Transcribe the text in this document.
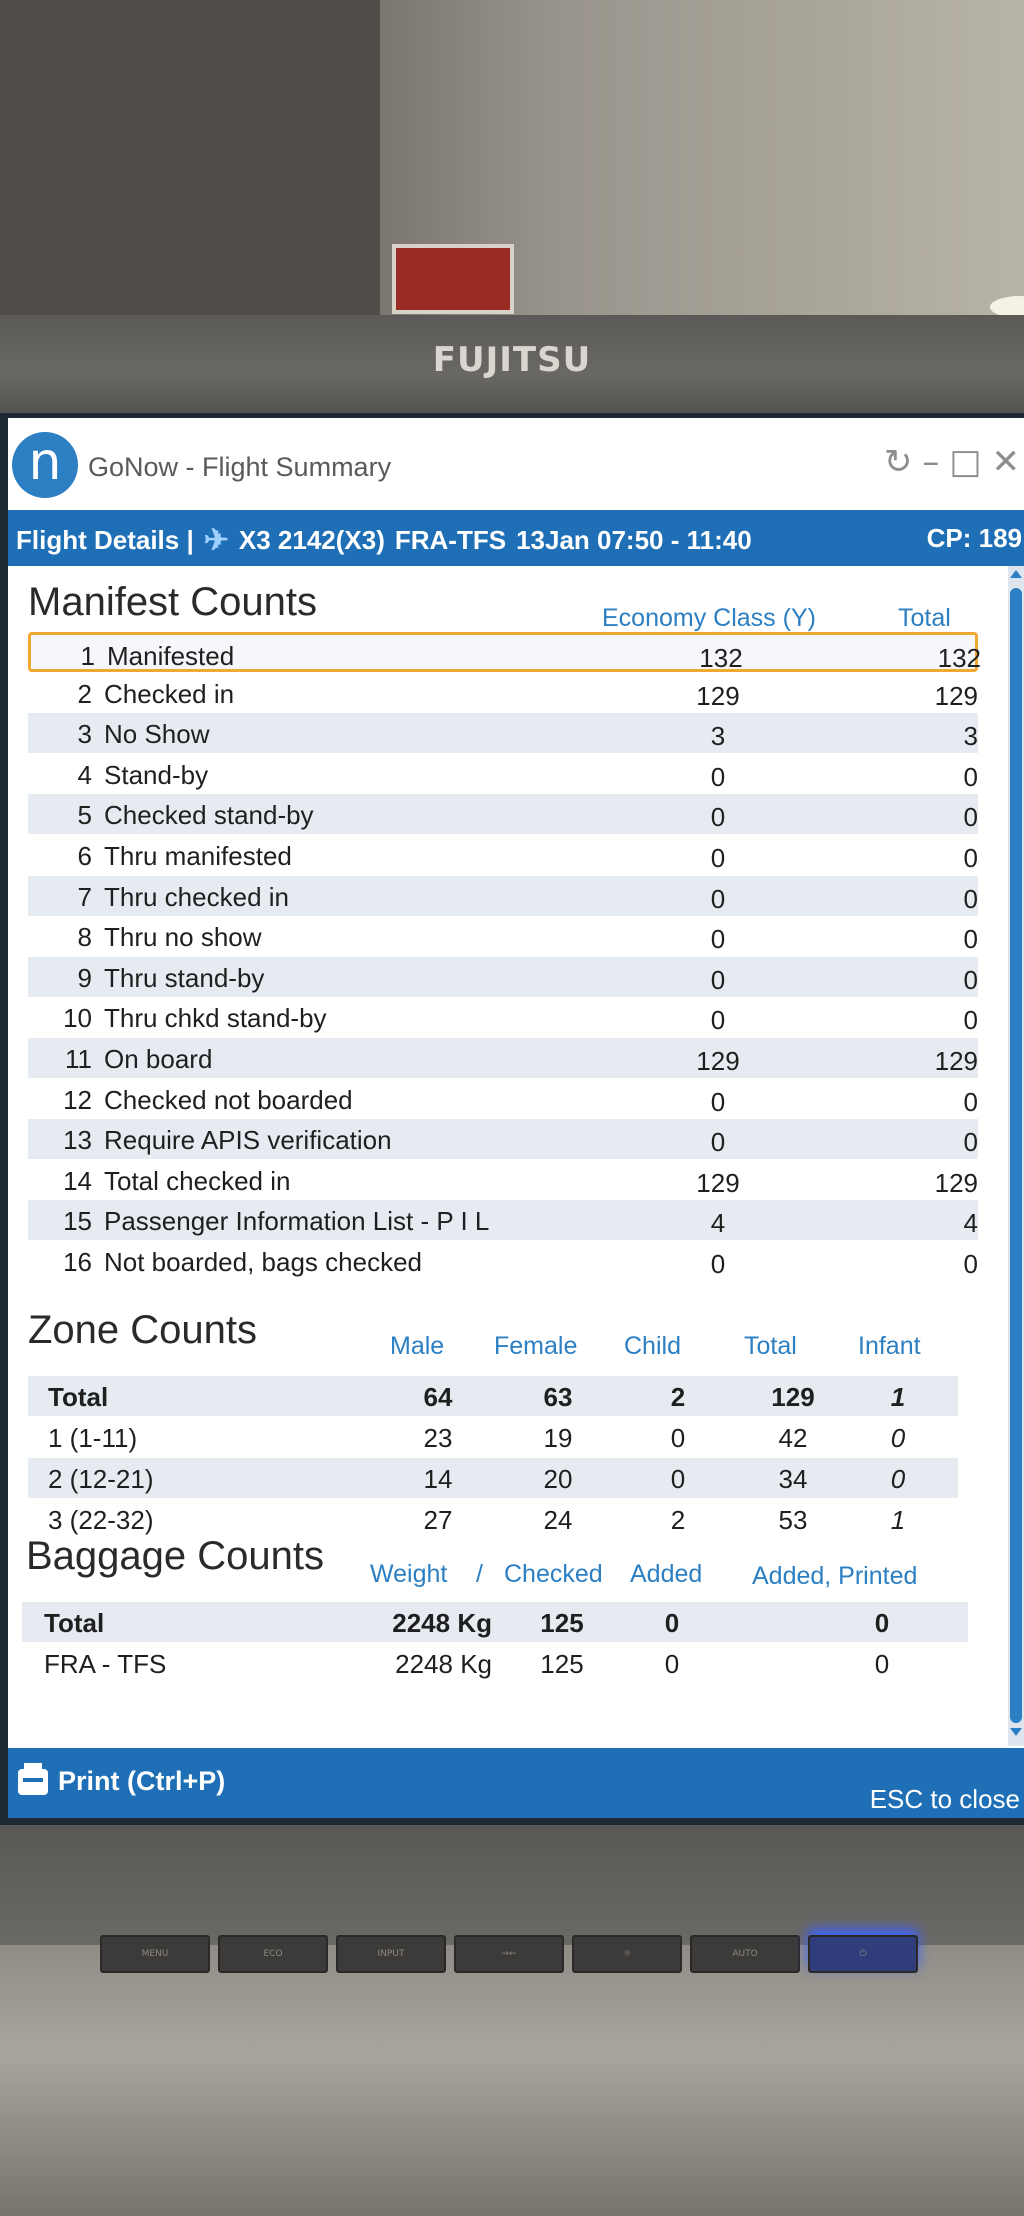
FUJITSU
n GoNow - Flight Summary	↻ – □ ✕
Flight Details | ✈ X3 2142(X3) FRA-TFS 13Jan 07:50 - 11:40	CP: 189
Manifest Counts	Economy Class (Y)	Total
1 Manifested	132	132
2 Checked in	129	129
3 No Show	3	3
4 Stand-by	0	0
5 Checked stand-by	0	0
6 Thru manifested	0	0
7 Thru checked in	0	0
8 Thru no show	0	0
9 Thru stand-by	0	0
10 Thru chkd stand-by	0	0
11 On board	129	129
12 Checked not boarded	0	0
13 Require APIS verification	0	0
14 Total checked in	129	129
15 Passenger Information List - P I L	4	4
16 Not boarded, bags checked	0	0
Zone Counts	Male Female Child	Total Infant
Total	64	63	2	129	1
1 (1-11)	23	19	0	42	0
2 (12-21)	14	20	0	34	0
3 (22-32)	27	24	2	53	1
Baggage Counts Weight / Checked Added Added, Printed
Total	2248 Kg	125	0	0
FRA - TFS	2248 Kg	125	0	0
Print (Ctrl+P)
ESC to close
MENU	ECO	INPUT	→←	☼	AUTO	⏻
